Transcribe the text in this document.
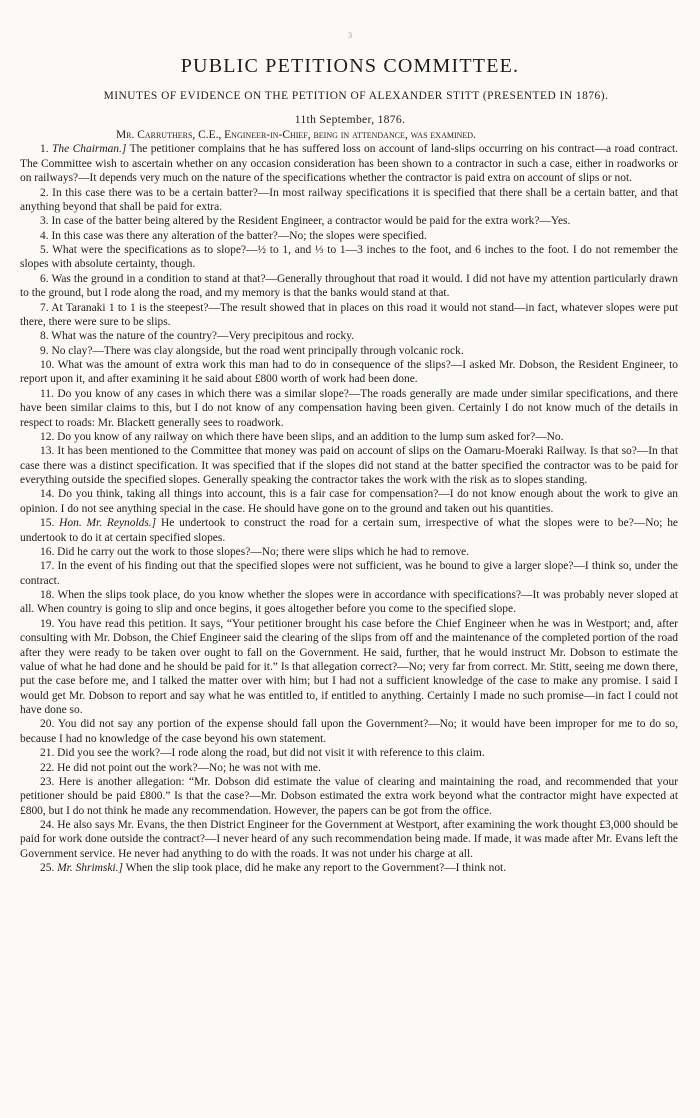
3
PUBLIC PETITIONS COMMITTEE.
MINUTES OF EVIDENCE ON THE PETITION OF ALEXANDER STITT (PRESENTED IN 1876).
11th September, 1876.

Mr. Carruthers, C.E., Engineer-in-Chief, being in attendance, was examined.

1. The Chairman.] The petitioner complains that he has suffered loss on account of land-slips occurring on his contract—a road contract. The Committee wish to ascertain whether on any occasion consideration has been shown to a contractor in such a case, either in roadworks or on railways?—It depends very much on the nature of the specifications whether the contractor is paid extra on account of slips or not.

2. In this case there was to be a certain batter?—In most railway specifications it is specified that there shall be a certain batter, and that anything beyond that shall be paid for extra.

3. In case of the batter being altered by the Resident Engineer, a contractor would be paid for the extra work?—Yes.

4. In this case was there any alteration of the batter?—No; the slopes were specified.

5. What were the specifications as to slope?—½ to 1, and ⅓ to 1—3 inches to the foot, and 6 inches to the foot. I do not remember the slopes with absolute certainty, though.

6. Was the ground in a condition to stand at that?—Generally throughout that road it would. I did not have my attention particularly drawn to the ground, but I rode along the road, and my memory is that the banks would stand at that.

7. At Taranaki 1 to 1 is the steepest?—The result showed that in places on this road it would not stand—in fact, whatever slopes were put there, there were sure to be slips.

8. What was the nature of the country?—Very precipitous and rocky.

9. No clay?—There was clay alongside, but the road went principally through volcanic rock.

10. What was the amount of extra work this man had to do in consequence of the slips?—I asked Mr. Dobson, the Resident Engineer, to report upon it, and after examining it he said about £800 worth of work had been done.

11. Do you know of any cases in which there was a similar slope?—The roads generally are made under similar specifications, and there have been similar claims to this, but I do not know of any compensation having been given. Certainly I do not know much of the details in respect to roads: Mr. Blackett generally sees to roadwork.

12. Do you know of any railway on which there have been slips, and an addition to the lump sum asked for?—No.

13. It has been mentioned to the Committee that money was paid on account of slips on the Oamaru-Moeraki Railway. Is that so?—In that case there was a distinct specification. It was specified that if the slopes did not stand at the batter specified the contractor was to be paid for everything outside the specified slopes. Generally speaking the contractor takes the work with the risk as to slopes standing.

14. Do you think, taking all things into account, this is a fair case for compensation?—I do not know enough about the work to give an opinion. I do not see anything special in the case. He should have gone on to the ground and taken out his quantities.

15. Hon. Mr. Reynolds.] He undertook to construct the road for a certain sum, irrespective of what the slopes were to be?—No; he undertook to do it at certain specified slopes.

16. Did he carry out the work to those slopes?—No; there were slips which he had to remove.

17. In the event of his finding out that the specified slopes were not sufficient, was he bound to give a larger slope?—I think so, under the contract.

18. When the slips took place, do you know whether the slopes were in accordance with specifications?—It was probably never sloped at all. When country is going to slip and once begins, it goes altogether before you come to the specified slope.

19. You have read this petition. It says, “Your petitioner brought his case before the Chief Engineer when he was in Westport; and, after consulting with Mr. Dobson, the Chief Engineer said the clearing of the slips from off and the maintenance of the completed portion of the road after they were ready to be taken over ought to fall on the Government. He said, further, that he would instruct Mr. Dobson to estimate the value of what he had done and he should be paid for it.” Is that allegation correct?—No; very far from correct. Mr. Stitt, seeing me down there, put the case before me, and I talked the matter over with him; but I had not a sufficient knowledge of the case to make any promise. I said I would get Mr. Dobson to report and say what he was entitled to, if entitled to anything. Certainly I made no such promise—in fact I could not have done so.

20. You did not say any portion of the expense should fall upon the Government?—No; it would have been improper for me to do so, because I had no knowledge of the case beyond his own statement.

21. Did you see the work?—I rode along the road, but did not visit it with reference to this claim.

22. He did not point out the work?—No; he was not with me.

23. Here is another allegation: “Mr. Dobson did estimate the value of clearing and maintaining the road, and recommended that your petitioner should be paid £800.” Is that the case?—Mr. Dobson estimated the extra work beyond what the contractor might have expected at £800, but I do not think he made any recommendation. However, the papers can be got from the office.

24. He also says Mr. Evans, the then District Engineer for the Government at Westport, after examining the work thought £3,000 should be paid for work done outside the contract?—I never heard of any such recommendation being made. If made, it was made after Mr. Evans left the Government service. He never had anything to do with the roads. It was not under his charge at all.

25. Mr. Shrimski.] When the slip took place, did he make any report to the Government?—I think not.
